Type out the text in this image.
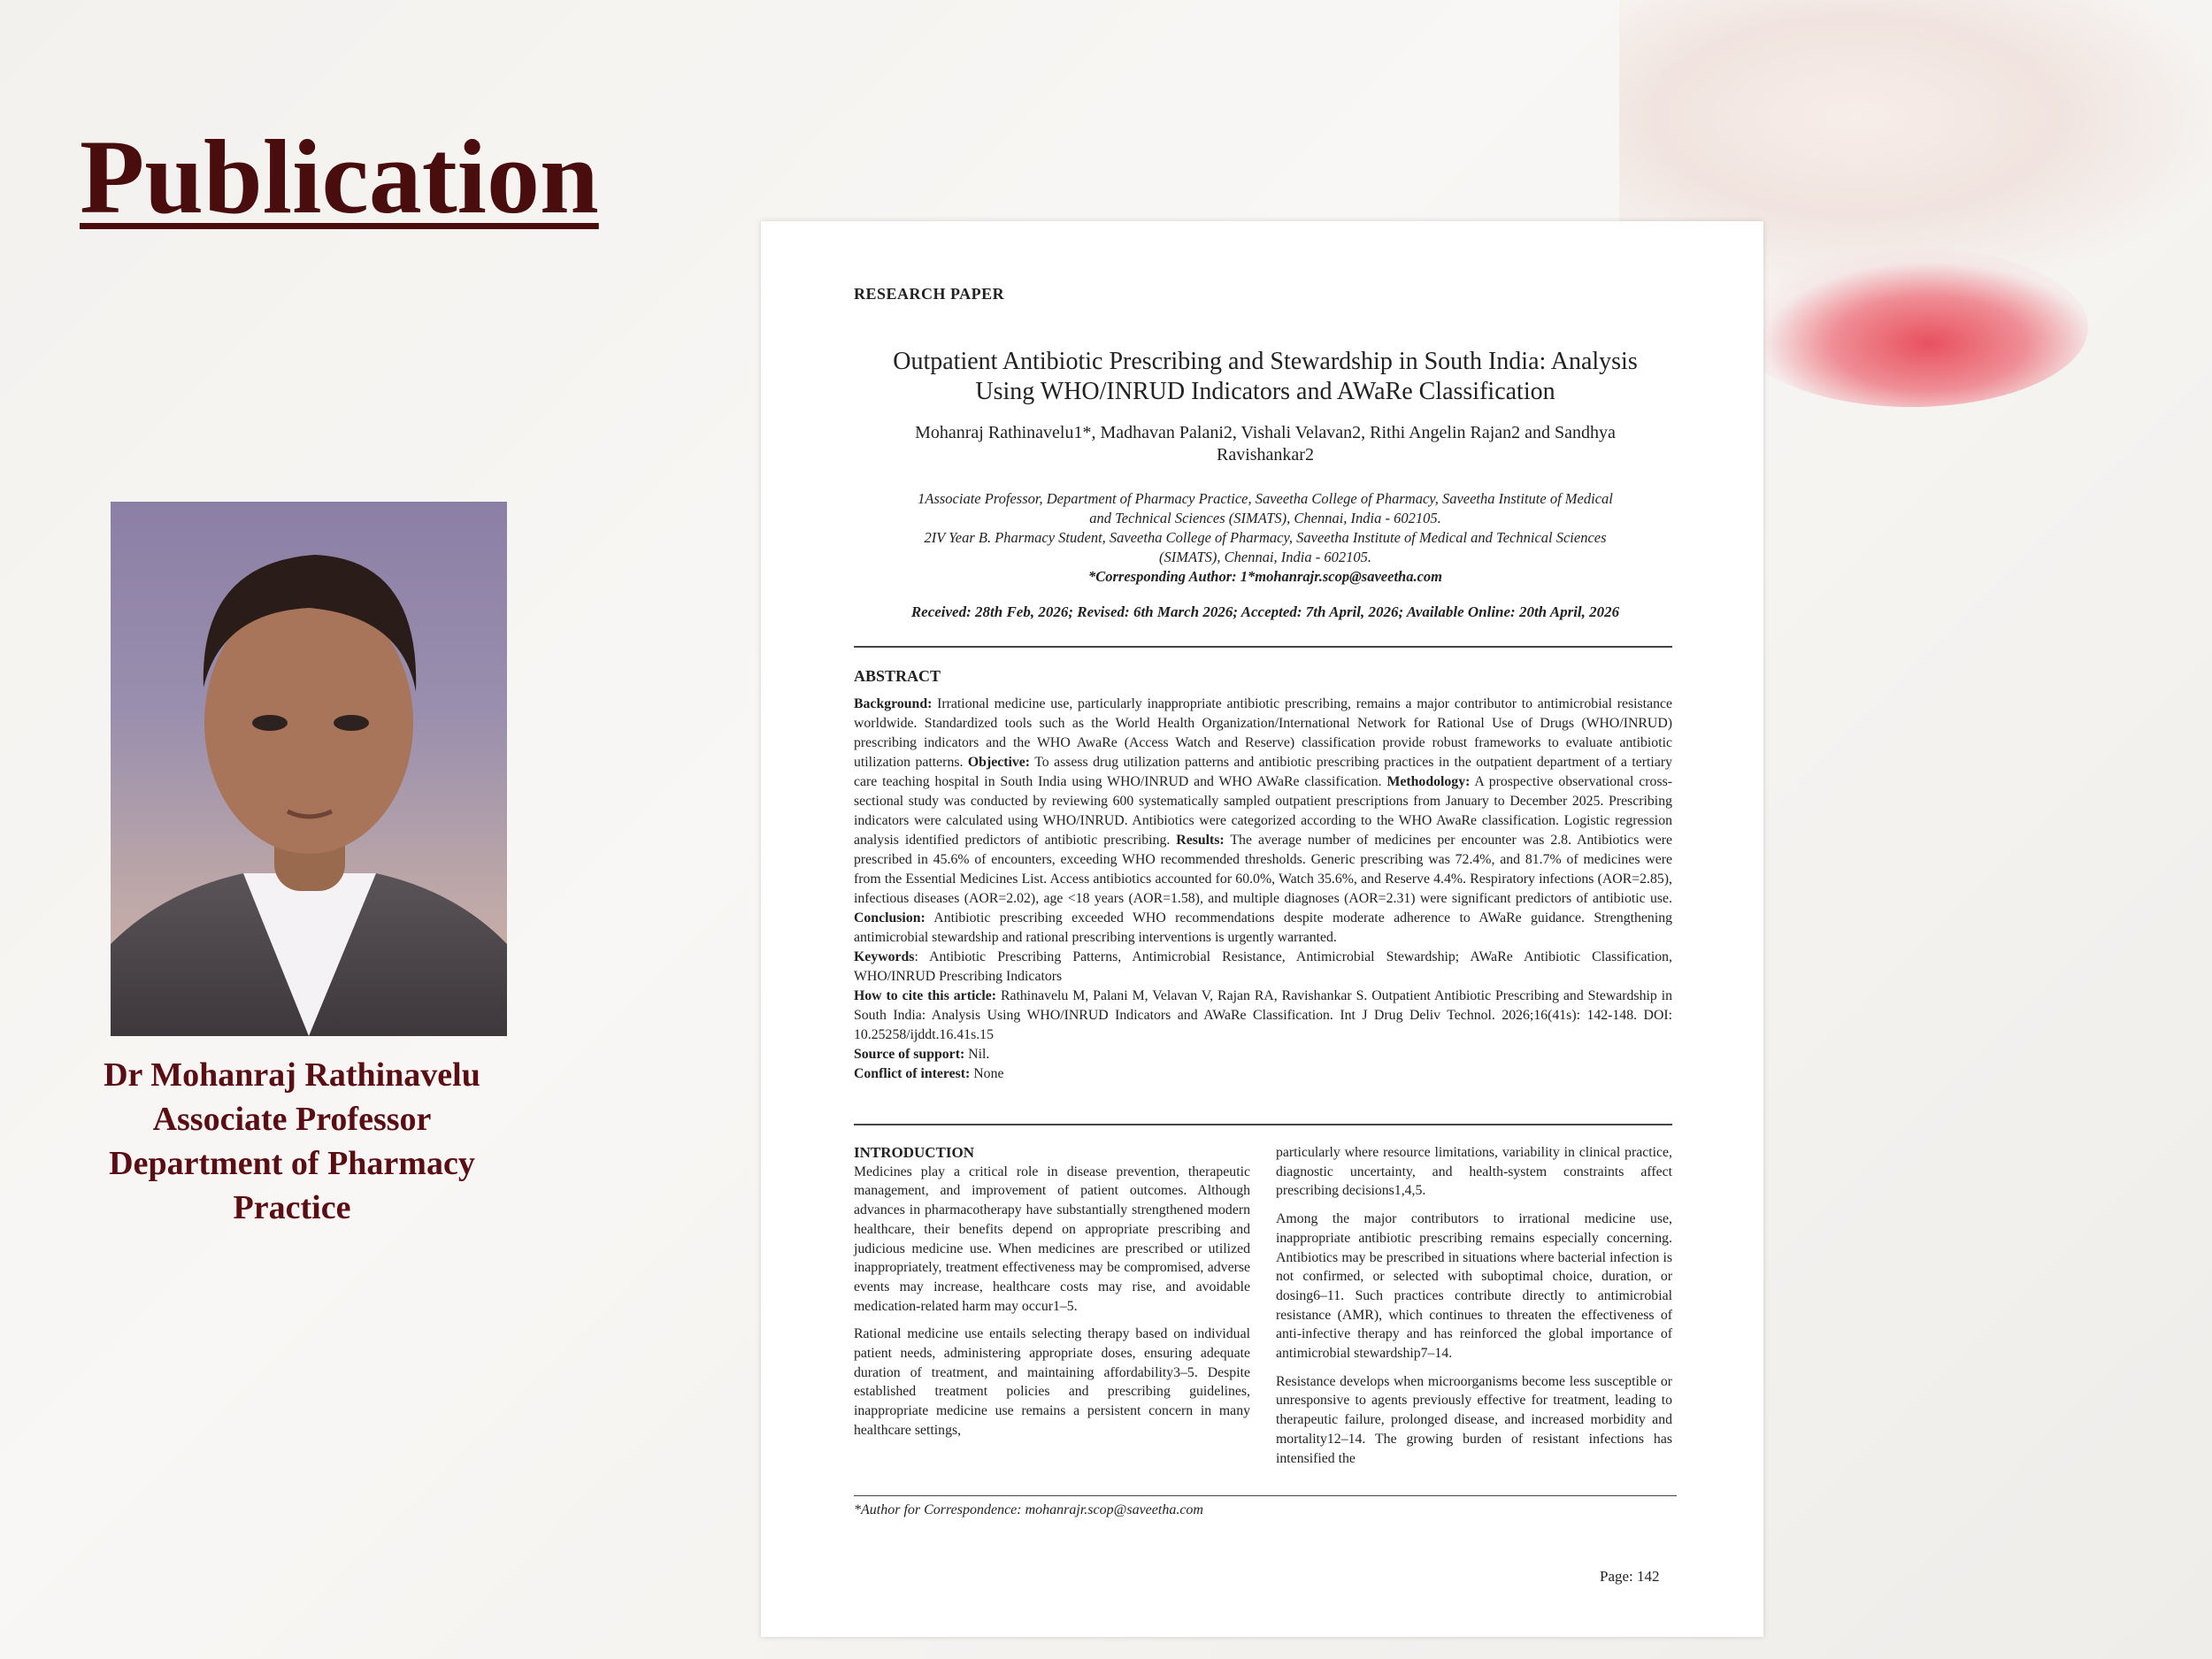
Publication
Dr Mohanraj Rathinavelu
Associate Professor
Department of Pharmacy
Practice
RESEARCH PAPER
Outpatient Antibiotic Prescribing and Stewardship in South India: Analysis
Using WHO/INRUD Indicators and AWaRe Classification
Mohanraj Rathinavelu1*, Madhavan Palani2, Vishali Velavan2, Rithi Angelin Rajan2 and Sandhya
Ravishankar2
1Associate Professor, Department of Pharmacy Practice, Saveetha College of Pharmacy, Saveetha Institute of Medical
and Technical Sciences (SIMATS), Chennai, India - 602105.
2IV Year B. Pharmacy Student, Saveetha College of Pharmacy, Saveetha Institute of Medical and Technical Sciences
(SIMATS), Chennai, India - 602105.
*Corresponding Author: 1*mohanrajr.scop@saveetha.com
Received: 28th Feb, 2026; Revised: 6th March 2026; Accepted: 7th April, 2026; Available Online: 20th April, 2026
ABSTRACT

Background: Irrational medicine use, particularly inappropriate antibiotic prescribing, remains a major contributor to antimicrobial resistance worldwide. Standardized tools such as the World Health Organization/International Network for Rational Use of Drugs (WHO/INRUD) prescribing indicators and the WHO AwaRe (Access Watch and Reserve) classification provide robust frameworks to evaluate antibiotic utilization patterns. Objective: To assess drug utilization patterns and antibiotic prescribing practices in the outpatient department of a tertiary care teaching hospital in South India using WHO/INRUD and WHO AWaRe classification. Methodology: A prospective observational cross-sectional study was conducted by reviewing 600 systematically sampled outpatient prescriptions from January to December 2025. Prescribing indicators were calculated using WHO/INRUD. Antibiotics were categorized according to the WHO AwaRe classification. Logistic regression analysis identified predictors of antibiotic prescribing. Results: The average number of medicines per encounter was 2.8. Antibiotics were prescribed in 45.6% of encounters, exceeding WHO recommended thresholds. Generic prescribing was 72.4%, and 81.7% of medicines were from the Essential Medicines List. Access antibiotics accounted for 60.0%, Watch 35.6%, and Reserve 4.4%. Respiratory infections (AOR=2.85), infectious diseases (AOR=2.02), age <18 years (AOR=1.58), and multiple diagnoses (AOR=2.31) were significant predictors of antibiotic use. Conclusion: Antibiotic prescribing exceeded WHO recommendations despite moderate adherence to AWaRe guidance. Strengthening antimicrobial stewardship and rational prescribing interventions is urgently warranted.

Keywords: Antibiotic Prescribing Patterns, Antimicrobial Resistance, Antimicrobial Stewardship; AWaRe Antibiotic Classification, WHO/INRUD Prescribing Indicators

How to cite this article: Rathinavelu M, Palani M, Velavan V, Rajan RA, Ravishankar S. Outpatient Antibiotic Prescribing and Stewardship in South India: Analysis Using WHO/INRUD Indicators and AWaRe Classification. Int J Drug Deliv Technol. 2026;16(41s): 142-148. DOI: 10.25258/ijddt.16.41s.15

Source of support: Nil.

Conflict of interest: None

INTRODUCTION

Medicines play a critical role in disease prevention, therapeutic management, and improvement of patient outcomes. Although advances in pharmacotherapy have substantially strengthened modern healthcare, their benefits depend on appropriate prescribing and judicious medicine use. When medicines are prescribed or utilized inappropriately, treatment effectiveness may be compromised, adverse events may increase, healthcare costs may rise, and avoidable medication-related harm may occur1–5.

Rational medicine use entails selecting therapy based on individual patient needs, administering appropriate doses, ensuring adequate duration of treatment, and maintaining affordability3–5. Despite established treatment policies and prescribing guidelines, inappropriate medicine use remains a persistent concern in many healthcare settings,

particularly where resource limitations, variability in clinical practice, diagnostic uncertainty, and health-system constraints affect prescribing decisions1,4,5.

Among the major contributors to irrational medicine use, inappropriate antibiotic prescribing remains especially concerning. Antibiotics may be prescribed in situations where bacterial infection is not confirmed, or selected with suboptimal choice, duration, or dosing6–11. Such practices contribute directly to antimicrobial resistance (AMR), which continues to threaten the effectiveness of anti-infective therapy and has reinforced the global importance of antimicrobial stewardship7–14.

Resistance develops when microorganisms become less susceptible or unresponsive to agents previously effective for treatment, leading to therapeutic failure, prolonged disease, and increased morbidity and mortality12–14. The growing burden of resistant infections has intensified the

*Author for Correspondence: mohanrajr.scop@saveetha.com
Page: 142
